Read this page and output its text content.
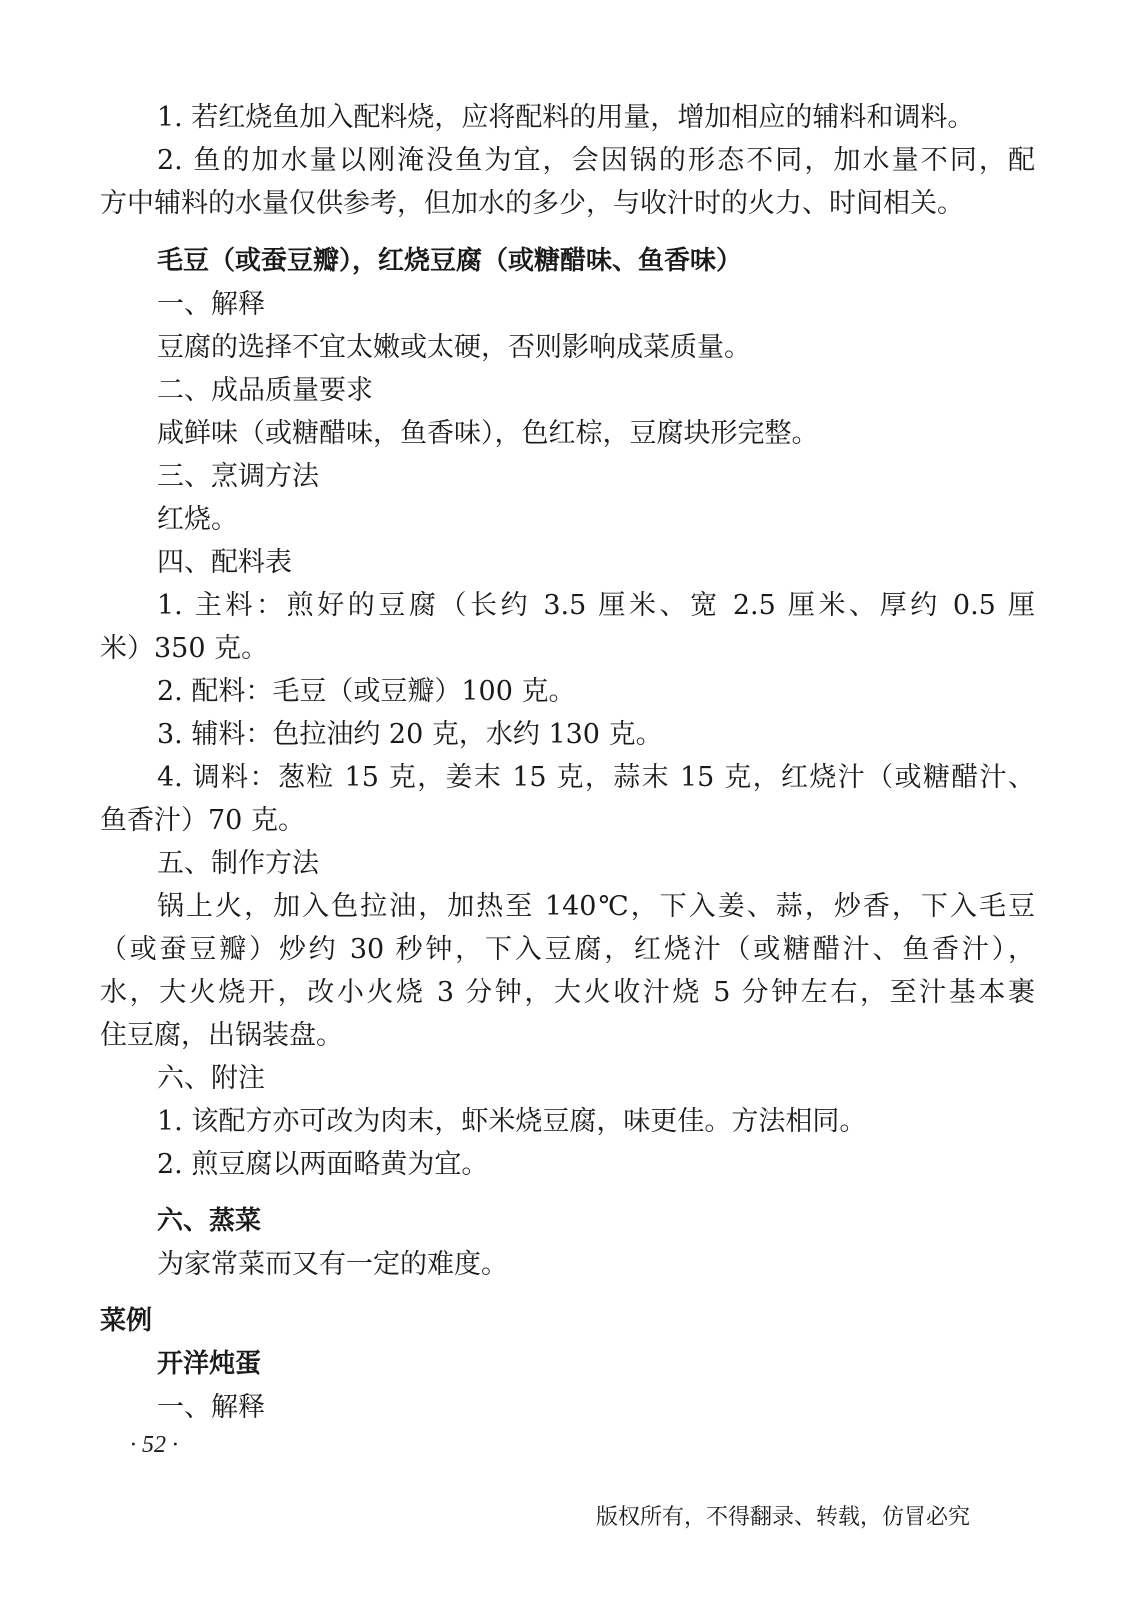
1. 若红烧鱼加入配料烧，应将配料的用量，增加相应的辅料和调料。
2. 鱼的加水量以刚淹没鱼为宜，会因锅的形态不同，加水量不同，配
方中辅料的水量仅供参考，但加水的多少，与收汁时的火力、时间相关。
毛豆（或蚕豆瓣），红烧豆腐（或糖醋味、鱼香味）
一、解释
豆腐的选择不宜太嫩或太硬，否则影响成菜质量。
二、成品质量要求
咸鲜味（或糖醋味，鱼香味），色红棕，豆腐块形完整。
三、烹调方法
红烧。
四、配料表
1. 主料：煎好的豆腐（长约 3.5 厘米、宽 2.5 厘米、厚约 0.5 厘
米）350 克。
2. 配料：毛豆（或豆瓣）100 克。
3. 辅料：色拉油约 20 克，水约 130 克。
4. 调料：葱粒 15 克，姜末 15 克，蒜末 15 克，红烧汁（或糖醋汁、
鱼香汁）70 克。
五、制作方法
锅上火，加入色拉油，加热至 140℃，下入姜、蒜，炒香，下入毛豆
（或蚕豆瓣）炒约 30 秒钟，下入豆腐，红烧汁（或糖醋汁、鱼香汁），
水，大火烧开，改小火烧 3 分钟，大火收汁烧 5 分钟左右，至汁基本裹
住豆腐，出锅装盘。
六、附注
1. 该配方亦可改为肉末，虾米烧豆腐，味更佳。方法相同。
2. 煎豆腐以两面略黄为宜。
六、蒸菜
为家常菜而又有一定的难度。
菜例
开洋炖蛋
一、解释
· 52 ·
版权所有，不得翻录、转载，仿冒必究
